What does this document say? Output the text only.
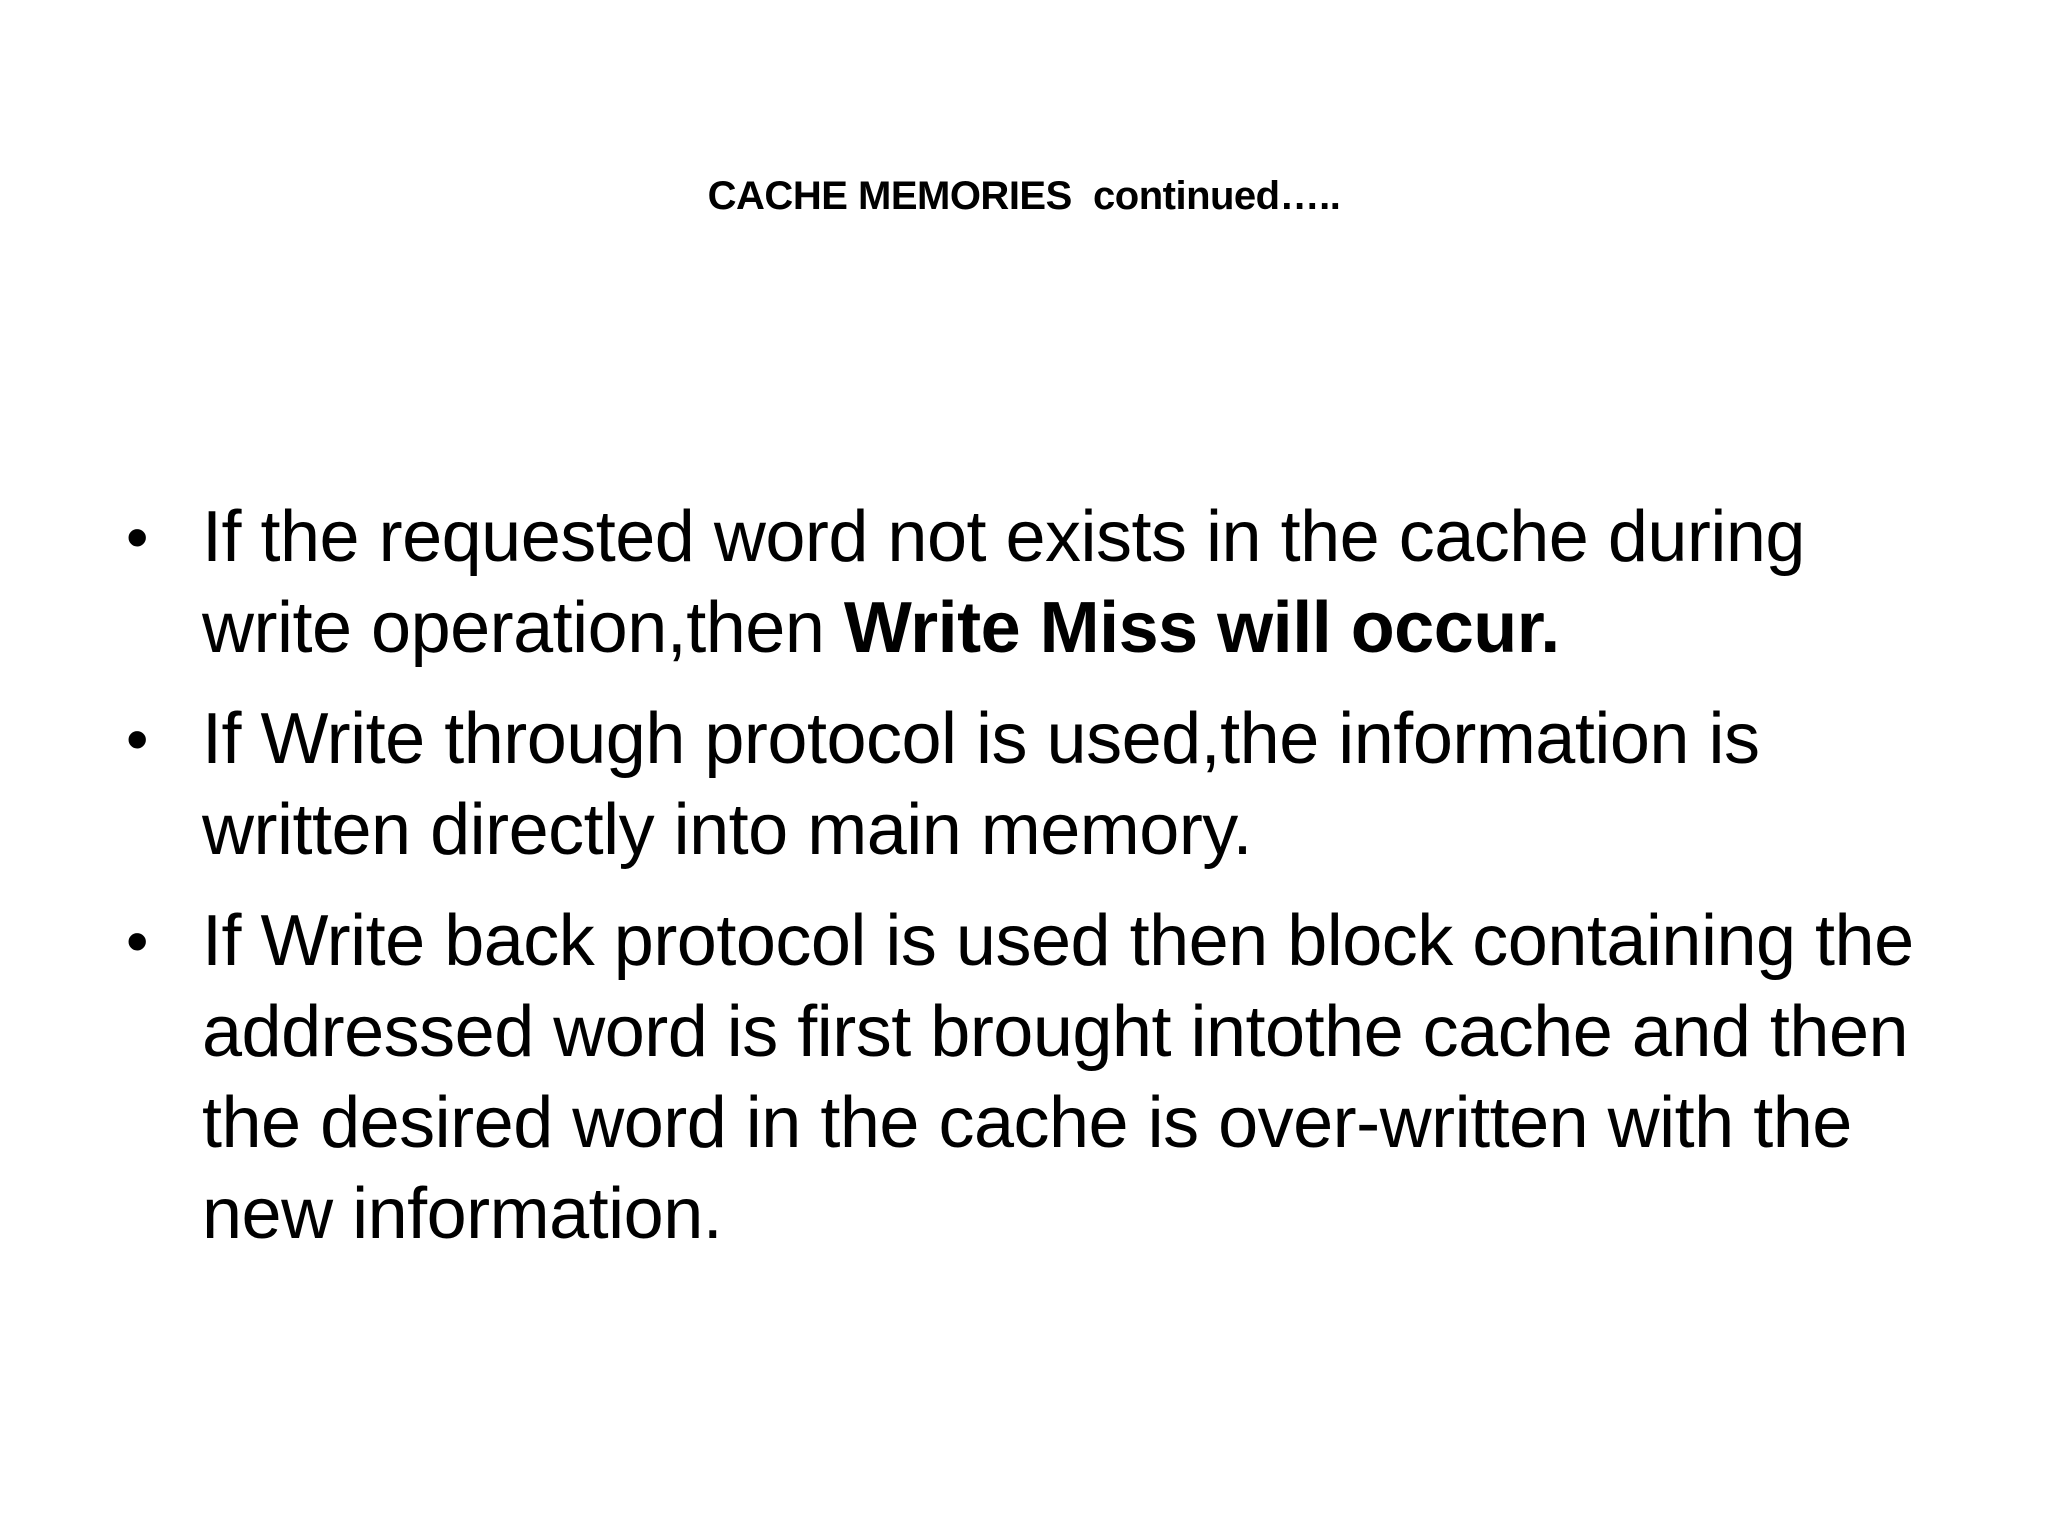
CACHE MEMORIES  continued…..
• If the requested word not exists in the cache during write operation,then Write Miss will occur.
• If Write through protocol is used,the information is written directly into main memory.
• If Write back protocol is used then block containing the addressed word is first brought intothe cache and then the desired word in the cache is over-written with the new information.
